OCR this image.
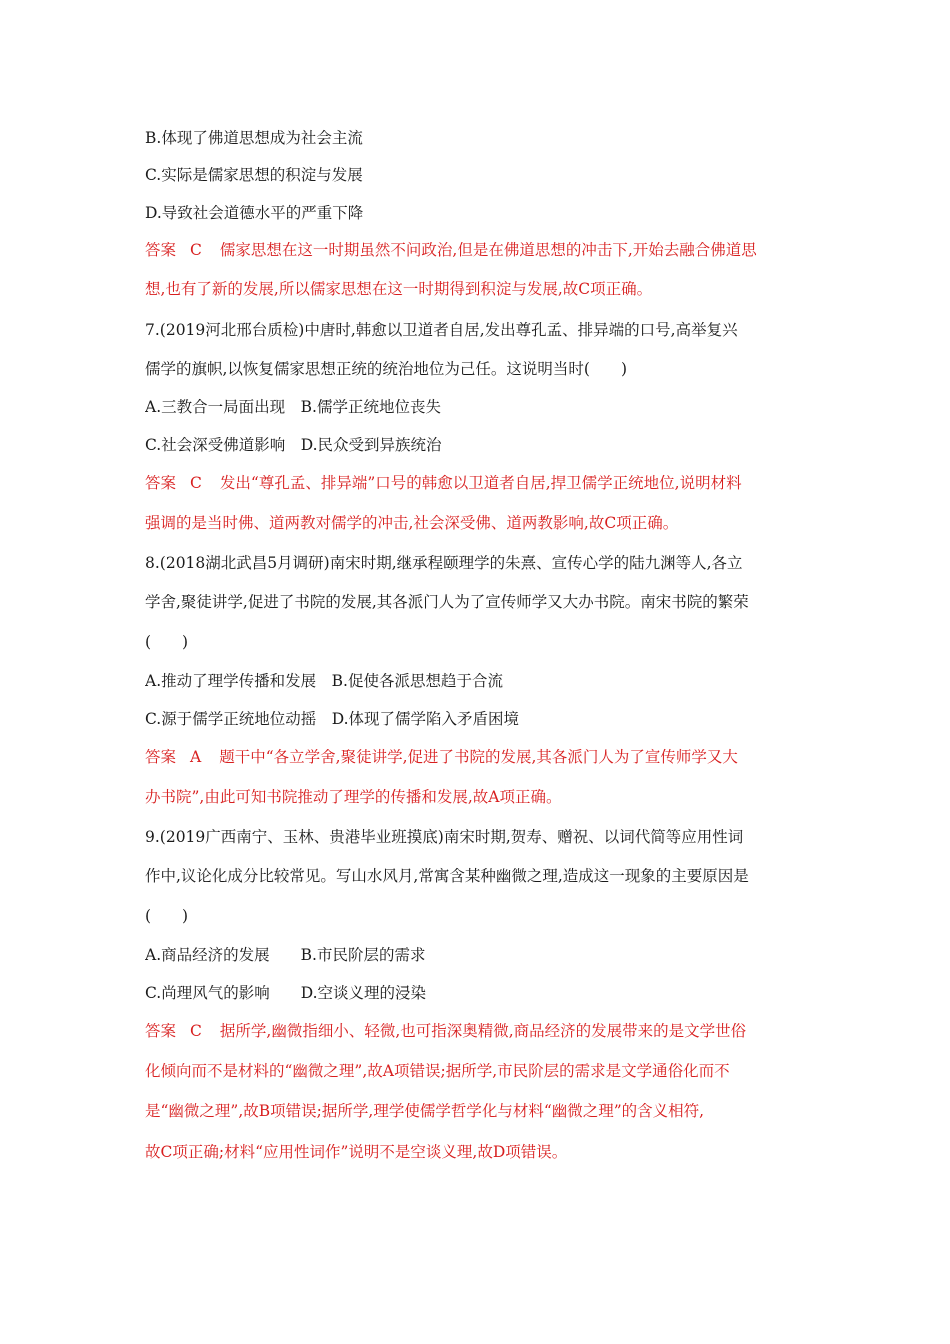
B.体现了佛道思想成为社会主流
C.实际是儒家思想的积淀与发展
D.导致社会道德水平的严重下降
答案 C 儒家思想在这一时期虽然不问政治,但是在佛道思想的冲击下,开始去融合佛道思
想,也有了新的发展,所以儒家思想在这一时期得到积淀与发展,故C项正确。
7.(2019河北邢台质检)中唐时,韩愈以卫道者自居,发出尊孔孟、排异端的口号,高举复兴
儒学的旗帜,以恢复儒家思想正统的统治地位为己任。这说明当时(　　)
A.三教合一局面出现　B.儒学正统地位丧失
C.社会深受佛道影响　D.民众受到异族统治
答案 C 发出“尊孔孟、排异端”口号的韩愈以卫道者自居,捍卫儒学正统地位,说明材料
强调的是当时佛、道两教对儒学的冲击,社会深受佛、道两教影响,故C项正确。
8.(2018湖北武昌5月调研)南宋时期,继承程颐理学的朱熹、宣传心学的陆九渊等人,各立
学舍,聚徒讲学,促进了书院的发展,其各派门人为了宣传师学又大办书院。南宋书院的繁荣
(　　)
A.推动了理学传播和发展　B.促使各派思想趋于合流
C.源于儒学正统地位动摇　D.体现了儒学陷入矛盾困境
答案 A 题干中“各立学舍,聚徒讲学,促进了书院的发展,其各派门人为了宣传师学又大
办书院”,由此可知书院推动了理学的传播和发展,故A项正确。
9.(2019广西南宁、玉林、贵港毕业班摸底)南宋时期,贺寿、赠祝、以词代简等应用性词
作中,议论化成分比较常见。写山水风月,常寓含某种幽微之理,造成这一现象的主要原因是
(　　)
A.商品经济的发展　　B.市民阶层的需求
C.尚理风气的影响　　D.空谈义理的浸染
答案 C 据所学,幽微指细小、轻微,也可指深奥精微,商品经济的发展带来的是文学世俗
化倾向而不是材料的“幽微之理”,故A项错误;据所学,市民阶层的需求是文学通俗化而不
是“幽微之理”,故B项错误;据所学,理学使儒学哲学化与材料“幽微之理”的含义相符,
故C项正确;材料“应用性词作”说明不是空谈义理,故D项错误。
